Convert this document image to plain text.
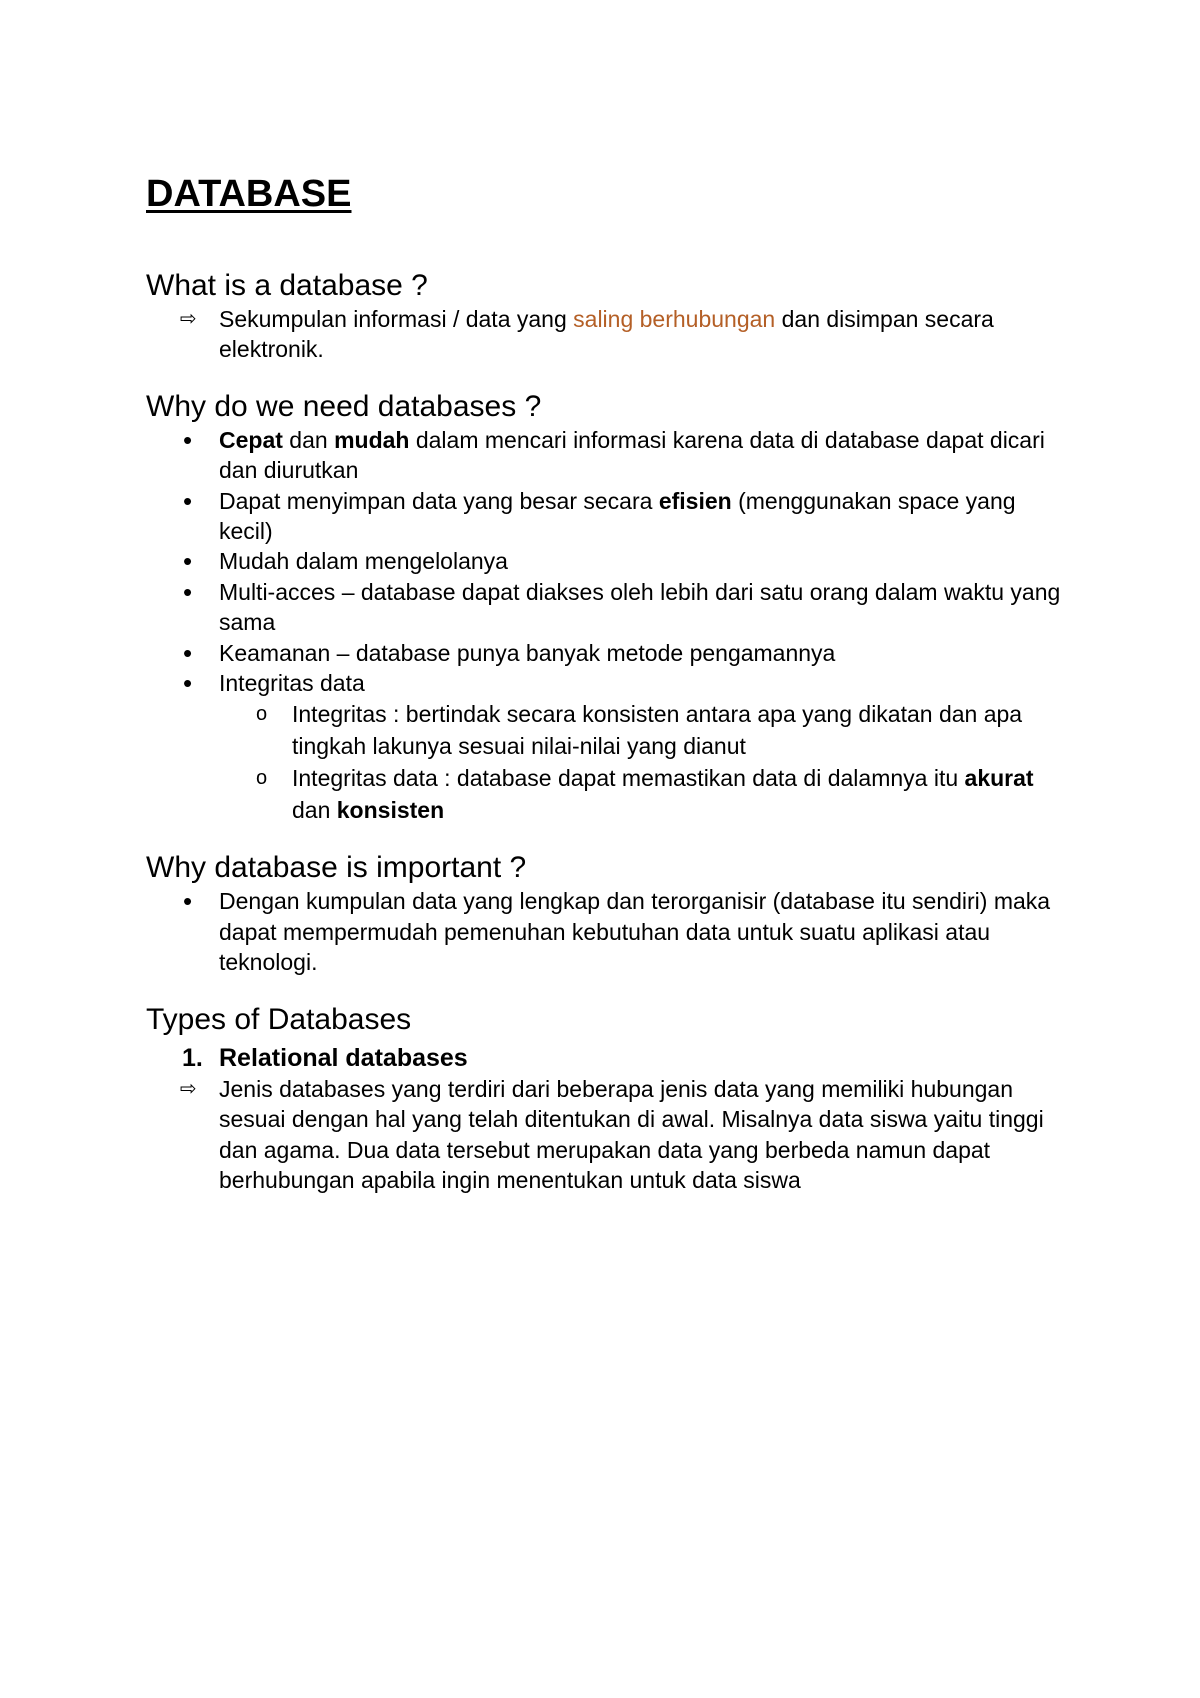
DATABASE
What is a database ?
⇨ Sekumpulan informasi / data yang saling berhubungan dan disimpan secara elektronik.
Why do we need databases ?
•	Cepat dan mudah dalam mencari informasi karena data di database dapat dicari dan diurutkan
•	Dapat menyimpan data yang besar secara efisien (menggunakan space yang kecil)
•	Mudah dalam mengelolanya
•	Multi-acces – database dapat diakses oleh lebih dari satu orang dalam waktu yang sama
•	Keamanan – database punya banyak metode pengamannya
•	Integritas data
o	Integritas : bertindak secara konsisten antara apa yang dikatan dan apa tingkah lakunya sesuai nilai-nilai yang dianut
o	Integritas data : database dapat memastikan data di dalamnya itu akurat dan konsisten
Why database is important ?
•	Dengan kumpulan data yang lengkap dan terorganisir (database itu sendiri) maka dapat mempermudah pemenuhan kebutuhan data untuk suatu aplikasi atau teknologi.
Types of Databases
1. Relational databases
⇨ Jenis databases yang terdiri dari beberapa jenis data yang memiliki hubungan sesuai dengan hal yang telah ditentukan di awal. Misalnya data siswa yaitu tinggi dan agama. Dua data tersebut merupakan data yang berbeda namun dapat berhubungan apabila ingin menentukan untuk data siswa
